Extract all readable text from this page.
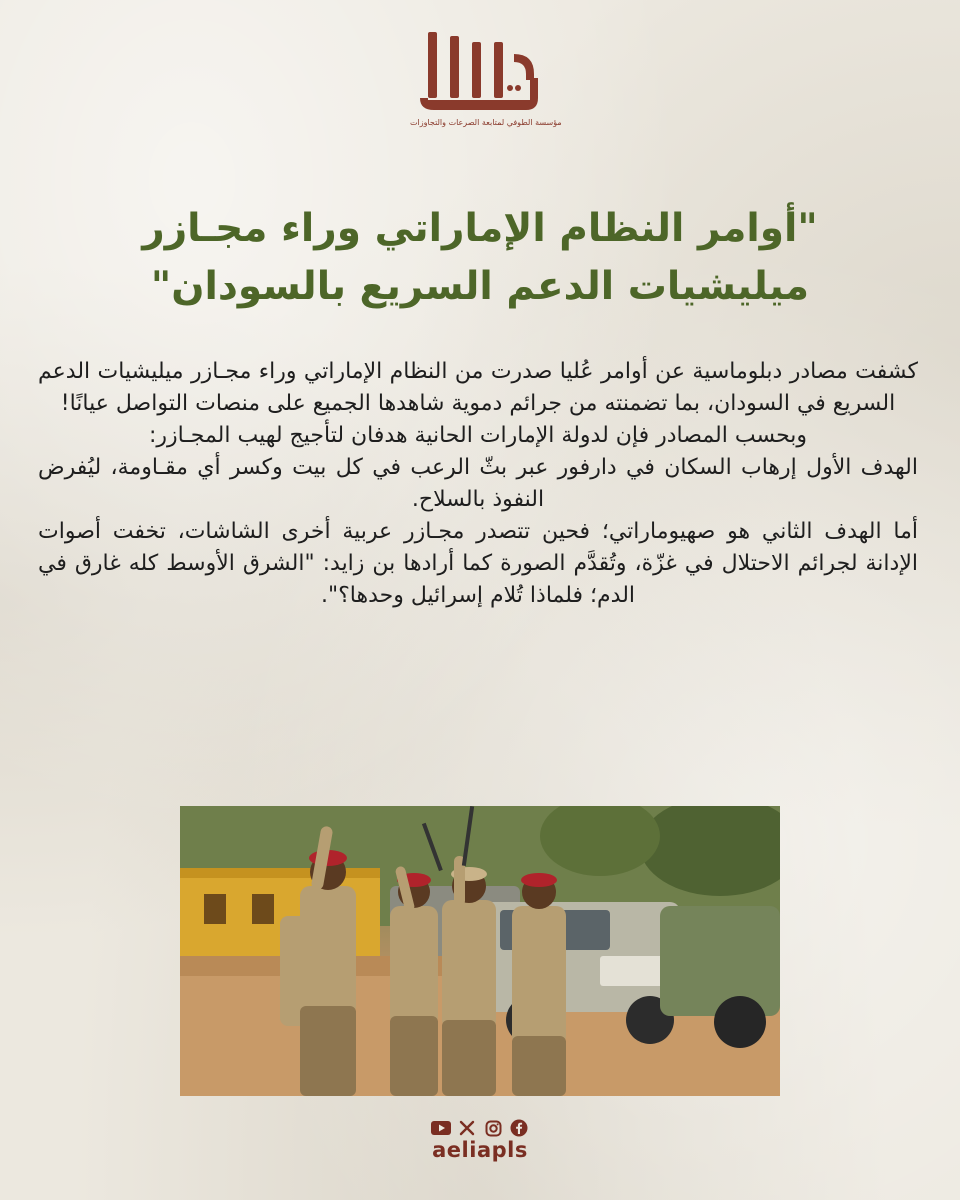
مؤسسة الطوفي لمتابعة الصرعات والتجاوزات
"أوامر النظام الإماراتي وراء مجـازر ميليشيات الدعم السريع بالسودان"

كشفت مصادر دبلوماسية عن أوامر عُليا صدرت من النظام الإماراتي وراء مجـازر ميليشيات الدعم السريع في السودان، بما تضمنته من جرائم دموية شاهدها الجميع على منصات التواصل عيانًا!

وبحسب المصادر فإن لدولة الإمارات الحانية هدفان لتأجيج لهيب المجـازر:

الهدف الأول إرهاب السكان في دارفور عبر بثّ الرعب في كل بيت وكسر أي مقـاومة، ليُفرض النفوذ بالسلاح.

أما الهدف الثاني هو صهيوماراتي؛ فحين تتصدر مجـازر عربية أخرى الشاشات، تخفت أصوات الإدانة لجرائم الاحتلال في غزّة، وتُقدَّم الصورة كما أرادها بن زايد: "الشرق الأوسط كله غارق في الدم؛ فلماذا تُلام إسرائيل وحدها؟".

aeliapls
